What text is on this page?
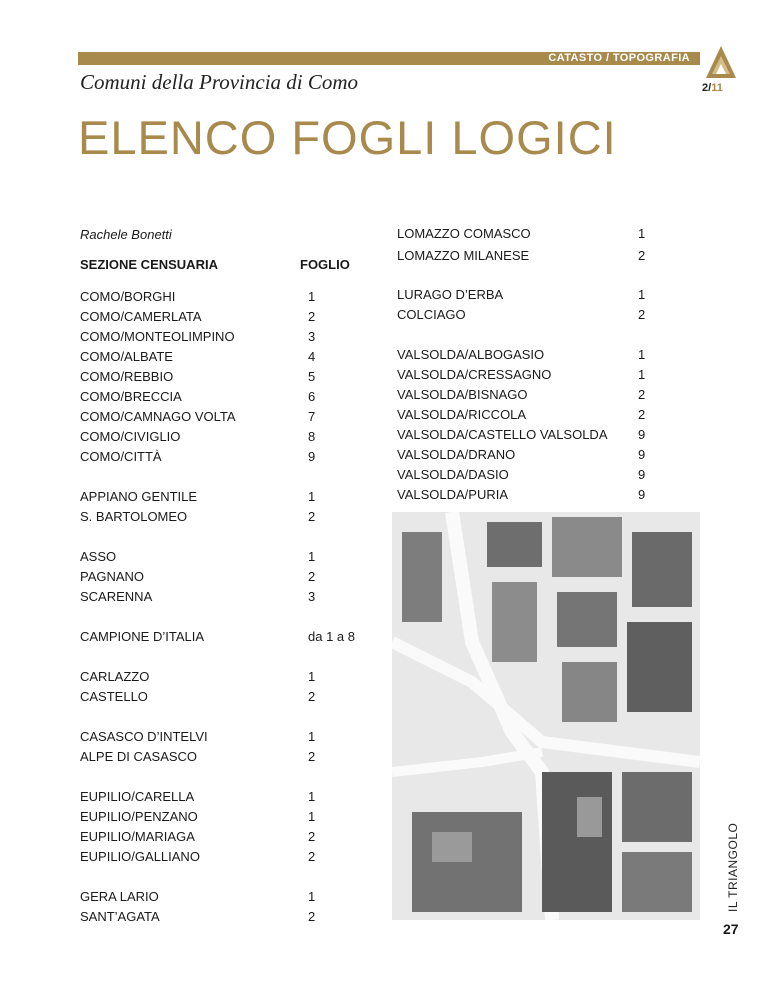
CATASTO / TOPOGRAFIA
Comuni della Provincia di Como	2/11
ELENCO FOGLI LOGICI
Rachele Bonetti
SEZIONE CENSUARIA	FOGLIO
COMO/BORGHI	1
COMO/CAMERLATA	2
COMO/MONTEOLIMPINO	3
COMO/ALBATE	4
COMO/REBBIO	5
COMO/BRECCIA	6
COMO/CAMNAGO VOLTA	7
COMO/CIVIGLIO	8
COMO/CITTÀ	9
APPIANO GENTILE	1
S. BARTOLOMEO	2
ASSO	1
PAGNANO	2
SCARENNA	3
CAMPIONE D’ITALIA	da 1 a 8
CARLAZZO	1
CASTELLO	2
CASASCO D’INTELVI	1
ALPE DI CASASCO	2
EUPILIO/CARELLA	1
EUPILIO/PENZANO	1
EUPILIO/MARIAGA	2
EUPILIO/GALLIANO	2
GERA LARIO	1
SANT’AGATA	2
LOMAZZO COMASCO	1
LOMAZZO MILANESE	2
LURAGO D’ERBA	1
COLCIAGO	2
VALSOLDA/ALBOGASIO	1
VALSOLDA/CRESSAGNO	1
VALSOLDA/BISNAGO	2
VALSOLDA/RICCOLA	2
VALSOLDA/CASTELLO VALSOLDA 9
VALSOLDA/DRANO	9
VALSOLDA/DASIO	9
VALSOLDA/PURIA	9
IL TRIANGOLO
27
